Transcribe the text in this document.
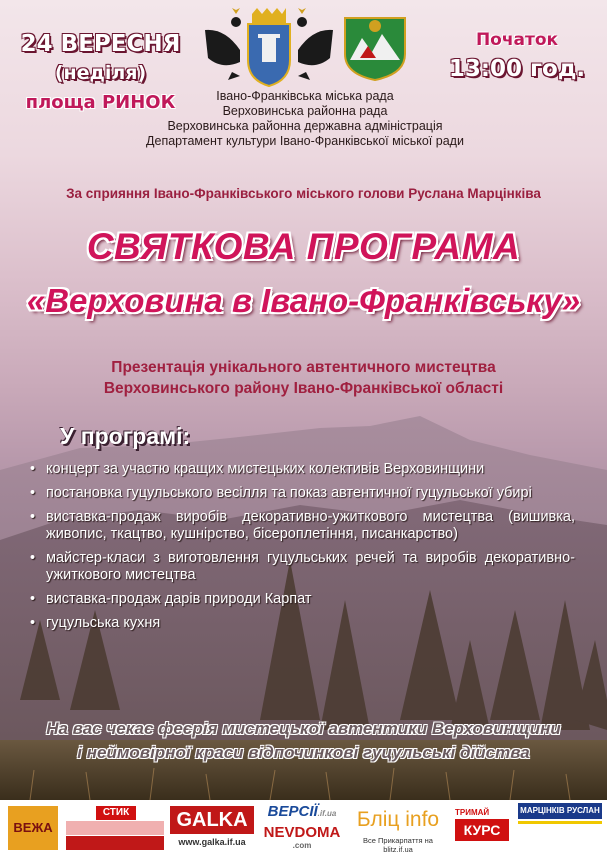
24 ВЕРЕСНЯ
(неділя)
площа РИНОК
Початок
13:00 год.
Івано-Франківська міська рада
Верховинська районна рада
Верховинська районна державна адміністрація
Департамент культури Івано-Франківської міської ради
За сприяння Івано-Франківського міського голови Руслана Марцінківа
СВЯТКОВА ПРОГРАМА
«Верховина в Івано-Франківську»
Презентація унікального автентичного мистецтва
Верховинського району Івано-Франківської області
У програмі:
• концерт за участю кращих мистецьких колективів Верховинщини
• постановка гуцульського весілля та показ автентичної гуцульської убирі
• виставка-продаж виробів декоративно-ужиткового мистецтва (вишивка, живопис, ткацтво, кушнірство, бісероплетіння, писанкарство)
• майстер-класи з виготовлення гуцульських речей та виробів декоративно-ужиткового мистецтва
• виставка-продаж дарів природи Карпат
• гуцульська кухня
На вас чекає феєрія мистецької автентики Верховинщини
і неймовірної краси відпочинкові гуцульські дійства
ВЕЖА
СТИК	GALKA
www.galka.if.ua
ВЕРСІЇ.if.ua
NEVDOMA
.com
Бліц info
Все Прикарпаття на blitz.if.ua
ТРИМАЙ
КУРС
МАРЦІНКІВ РУСЛАН
